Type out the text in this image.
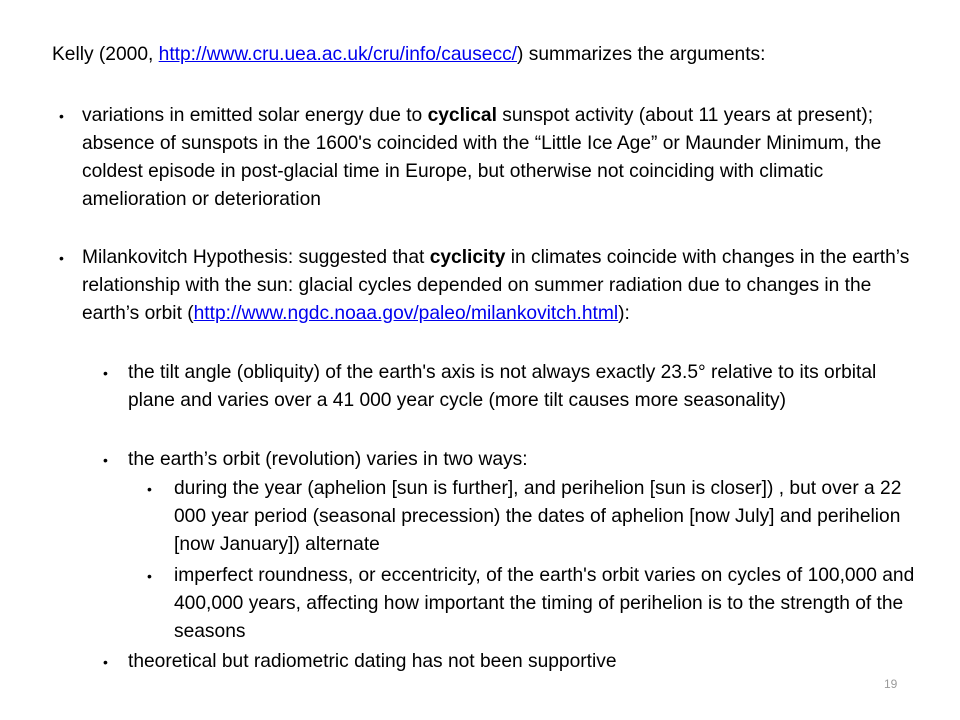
Kelly (2000, http://www.cru.uea.ac.uk/cru/info/causecc/) summarizes the arguments:
• variations in emitted solar energy due to cyclical sunspot activity (about 11 years at present); absence of sunspots in the 1600's coincided with the “Little Ice Age” or Maunder Minimum, the coldest episode in post-glacial time in Europe, but otherwise not coinciding with climatic amelioration or deterioration
• Milankovitch Hypothesis: suggested that cyclicity in climates coincide with changes in the earth’s relationship with the sun: glacial cycles depended on summer radiation due to changes in the earth’s orbit (http://www.ngdc.noaa.gov/paleo/milankovitch.html):
• the tilt angle (obliquity) of the earth's axis is not always exactly 23.5° relative to its orbital plane and varies over a 41 000 year cycle (more tilt causes more seasonality)
• the earth’s orbit (revolution) varies in two ways:
• during the year (aphelion [sun is further], and perihelion [sun is closer]) , but over a 22 000 year period (seasonal precession) the dates of aphelion [now July] and perihelion [now January]) alternate
• imperfect roundness, or eccentricity, of the earth's orbit varies on cycles of 100,000 and 400,000 years, affecting how important the timing of perihelion is to the strength of the seasons
• theoretical but radiometric dating has not been supportive
19
